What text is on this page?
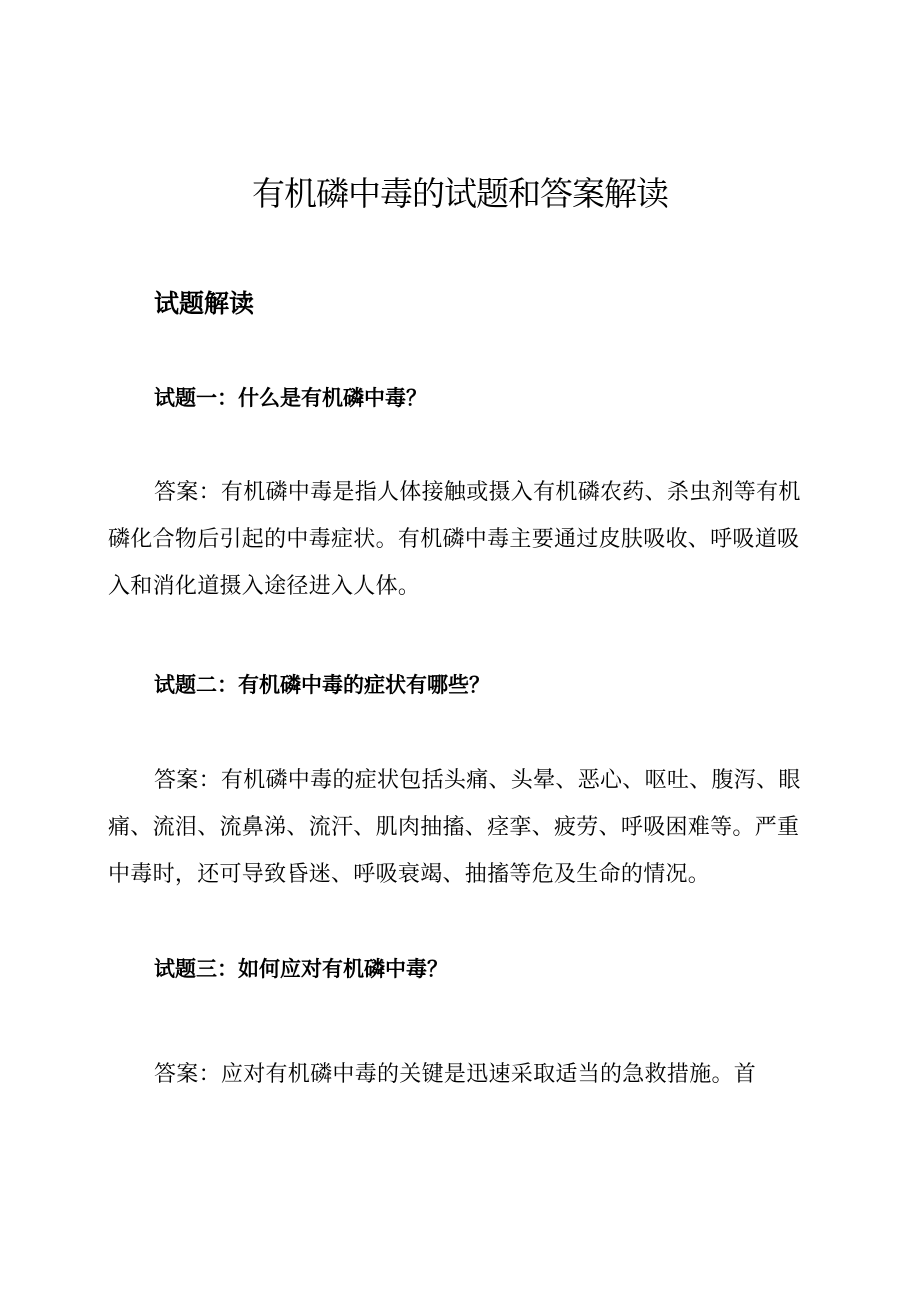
有机磷中毒的试题和答案解读
试题解读

试题一：什么是有机磷中毒？

答案：有机磷中毒是指人体接触或摄入有机磷农药、杀虫剂等有机磷化合物后引起的中毒症状。有机磷中毒主要通过皮肤吸收、呼吸道吸入和消化道摄入途径进入人体。

试题二：有机磷中毒的症状有哪些？

答案：有机磷中毒的症状包括头痛、头晕、恶心、呕吐、腹泻、眼痛、流泪、流鼻涕、流汗、肌肉抽搐、痉挛、疲劳、呼吸困难等。严重中毒时，还可导致昏迷、呼吸衰竭、抽搐等危及生命的情况。

试题三：如何应对有机磷中毒？

答案：应对有机磷中毒的关键是迅速采取适当的急救措施。首
